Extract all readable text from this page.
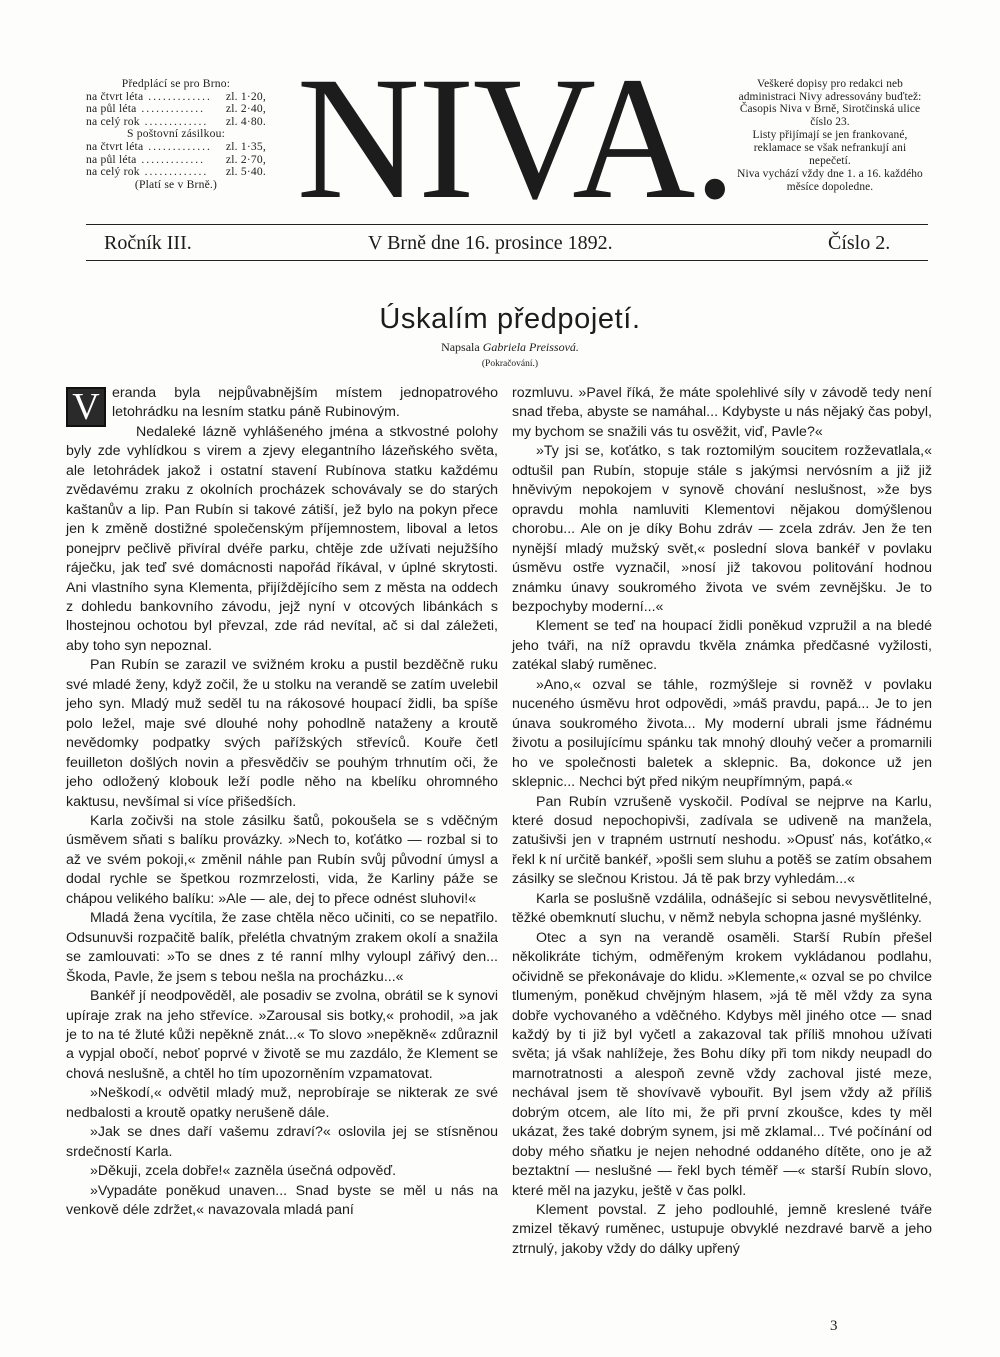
Předplácí se pro Brno:
na čtvrt léta .............	zl. 1·20,
na půl léta .............	zl. 2·40,
na celý rok .............	zl. 4·80.
S poštovní zásilkou:
na čtvrt léta .............	zl. 1·35,
na půl léta .............	zl. 2·70,
na celý rok .............	zl. 5·40.
(Platí se v Brně.) NIVA.	Veškeré dopisy pro redakci neb administraci Nivy adressovány buďtež: Časopis Niva v Brně, Sirotčinská ulice číslo 23.

Listy přijímají se jen frankované, reklamace se však nefrankují ani nepečetí.

Niva vychází vždy dne 1. a 16. každého měsíce dopoledne.

Ročník III.	V Brně dne 16. prosince 1892.	Číslo 2.
Úskalím předpojetí.
Napsala Gabriela Preissová.
(Pokračování.)

V eranda byla nejpůvabnějším místem jednopatrového letohrádku na lesním statku páně Rubinovým.

Nedaleké lázně vyhlášeného jména a stkvostné polohy byly zde vyhlídkou s virem a zjevy elegantního lázeňského světa, ale letohrádek jakož i ostatní stavení Rubínova statku každému zvědavému zraku z okolních procházek schovávaly se do starých kaštanův a lip. Pan Rubín si takové zátiší, jež bylo na pokyn přece jen k změně dostižné společenským příjemnostem, liboval a letos ponejprv pečlivě přivíral dvéře parku, chtěje zde užívati nejužšího ráječku, jak teď své domácnosti napořád říkával, v úplné skrytosti. Ani vlastního syna Klementa, přijíždějícího sem z města na oddech z dohledu bankovního závodu, jejž nyní v otcových libánkách s lhostejnou ochotou byl převzal, zde rád nevítal, ač si dal záležeti, aby toho syn nepoznal.

Pan Rubín se zarazil ve svižném kroku a pustil bezděčně ruku své mladé ženy, když zočil, že u stolku na verandě se zatím uvelebil jeho syn. Mladý muž seděl tu na rákosové houpací židli, ba spíše polo ležel, maje své dlouhé nohy pohodlně nataženy a kroutě nevědomky podpatky svých pařížských střevíců. Kouře četl feuilleton došlých novin a přesvědčiv se pouhým trhnutím oči, že jeho odložený klobouk leží podle něho na kbelíku ohromného kaktusu, nevšímal si více přišedších.

Karla zočivši na stole zásilku šatů, pokoušela se s vděčným úsměvem sňati s balíku provázky. »Nech to, koťátko — rozbal si to až ve svém pokoji,« změnil náhle pan Rubín svůj původní úmysl a dodal rychle se špetkou rozmrzelosti, vida, že Karliny páže se chápou velikého balíku: »Ale — ale, dej to přece odnést sluhovi!«

Mladá žena vycítila, že zase chtěla něco učiniti, co se nepatřilo. Odsunuvši rozpačitě balík, přelétla chvatným zrakem okolí a snažila se zamlouvati: »To se dnes z té ranní mlhy vyloupl zářivý den... Škoda, Pavle, že jsem s tebou nešla na procházku...«

Bankéř jí neodpověděl, ale posadiv se zvolna, obrátil se k synovi upíraje zrak na jeho střevíce. »Zarousal sis botky,« prohodil, »a jak je to na té žluté kůži nepěkně znát...« To slovo »nepěkně« zdůraznil a vypjal obočí, neboť poprvé v životě se mu zazdálo, že Klement se chová neslušně, a chtěl ho tím upozorněním vzpamatovat.

»Neškodí,« odvětil mladý muž, neprobíraje se nikterak ze své nedbalosti a kroutě opatky nerušeně dále.

»Jak se dnes daří vašemu zdraví?« oslovila jej se stísněnou srdečností Karla.

»Děkuji, zcela dobře!« zazněla úsečná odpověď.

»Vypadáte poněkud unaven... Snad byste se měl u nás na venkově déle zdržet,« navazovala mladá paní

rozmluvu. »Pavel říká, že máte spolehlivé síly v závodě tedy není snad třeba, abyste se namáhal... Kdybyste u nás nějaký čas pobyl, my bychom se snažili vás tu osvěžit, viď, Pavle?«

»Ty jsi se, koťátko, s tak roztomilým soucitem rozževatlala,« odtušil pan Rubín, stopuje stále s jakýmsi nervósním a již již hněvivým nepokojem v synově chování neslušnost, »že bys opravdu mohla namluviti Klementovi nějakou domýšlenou chorobu... Ale on je díky Bohu zdráv — zcela zdráv. Jen že ten nynější mladý mužský svět,« poslední slova bankéř v povlaku úsměvu ostře vyznačil, »nosí již takovou politování hodnou známku únavy soukromého života ve svém zevnějšku. Je to bezpochyby moderní...«

Klement se teď na houpací židli poněkud vzpružil a na bledé jeho tváři, na níž opravdu tkvěla známka předčasné vyžilosti, zatékal slabý ruměnec.

»Ano,« ozval se táhle, rozmýšleje si rovněž v povlaku nuceného úsměvu hrot odpovědi, »máš pravdu, papá... Je to jen únava soukromého života... My moderní ubrali jsme řádnému životu a posilujícímu spánku tak mnohý dlouhý večer a promarnili ho ve společnosti baletek a sklepnic. Ba, dokonce už jen sklepnic... Nechci být před nikým neupřímným, papá.«

Pan Rubín vzrušeně vyskočil. Podíval se nejprve na Karlu, které dosud nepochopivši, zadívala se udiveně na manžela, zatušivši jen v trapném ustrnutí neshodu. »Opusť nás, koťátko,« řekl k ní určitě bankéř, »pošli sem sluhu a potěš se zatím obsahem zásilky se slečnou Kristou. Já tě pak brzy vyhledám...«

Karla se poslušně vzdálila, odnášejíc si sebou nevysvětlitelné, těžké obemknutí sluchu, v němž nebyla schopna jasné myšlénky.

Otec a syn na verandě osaměli. Starší Rubín přešel několikráte tichým, odměřeným krokem vykládanou podlahu, očividně se překonávaje do klidu. »Klemente,« ozval se po chvilce tlumeným, poněkud chvějným hlasem, »já tě měl vždy za syna dobře vychovaného a vděčného. Kdybys měl jiného otce — snad každý by ti již byl vyčetl a zakazoval tak příliš mnohou užívati světa; já však nahlížeje, žes Bohu díky při tom nikdy neupadl do marnotratnosti a alespoň zevně vždy zachoval jisté meze, nechával jsem tě shovívavě vybouřit. Byl jsem vždy až příliš dobrým otcem, ale líto mi, že při první zkoušce, kdes ty měl ukázat, žes také dobrým synem, jsi mě zklamal... Tvé počínání od doby mého sňatku je nejen nehodné oddaného dítěte, ono je až beztaktní — neslušné — řekl bych téměř —« starší Rubín slovo, které měl na jazyku, ještě v čas polkl.

Klement povstal. Z jeho podlouhlé, jemně kreslené tváře zmizel těkavý ruměnec, ustupuje obvyklé nezdravé barvě a jeho ztrnulý, jakoby vždy do dálky upřený

3
